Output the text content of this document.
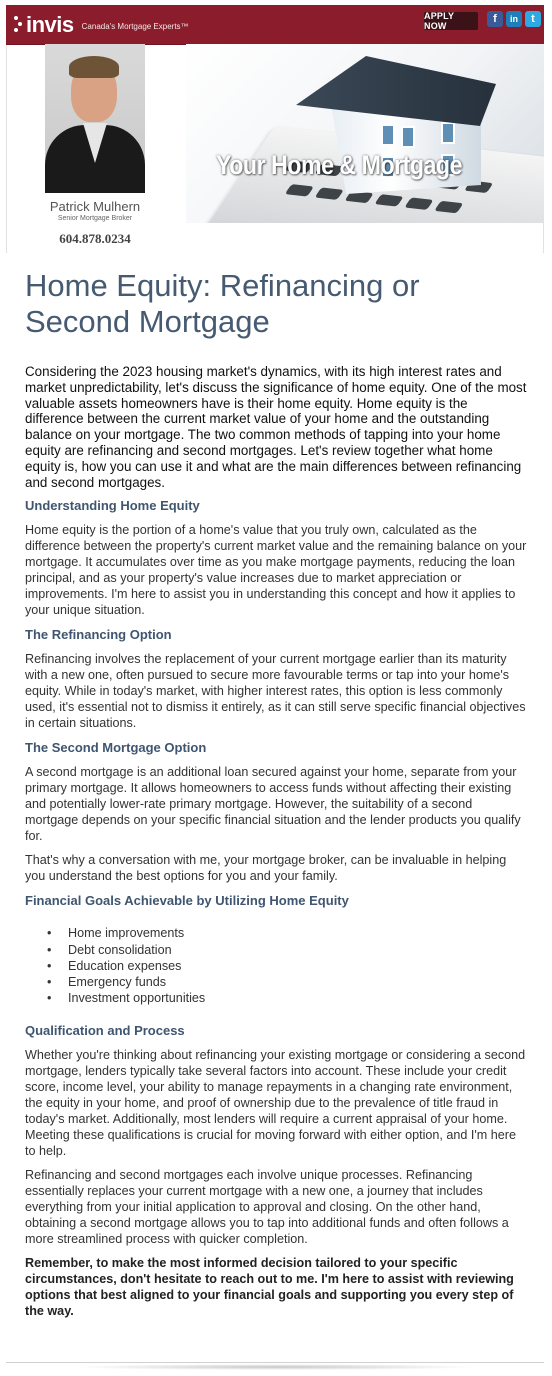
invis Canada's Mortgage Experts™
APPLY NOW
f	in	t
Patrick Mulhern
Senior Mortgage Broker
604.878.0234
Your Home & Mortgage
Home Equity: Refinancing or Second Mortgage

Considering the 2023 housing market's dynamics, with its high interest rates and market unpredictability, let's discuss the significance of home equity. One of the most valuable assets homeowners have is their home equity. Home equity is the difference between the current market value of your home and the outstanding balance on your mortgage. The two common methods of tapping into your home equity are refinancing and second mortgages. Let's review together what home equity is, how you can use it and what are the main differences between refinancing and second mortgages.

Understanding Home Equity

Home equity is the portion of a home's value that you truly own, calculated as the difference between the property's current market value and the remaining balance on your mortgage. It accumulates over time as you make mortgage payments, reducing the loan principal, and as your property's value increases due to market appreciation or improvements. I'm here to assist you in understanding this concept and how it applies to your unique situation.

The Refinancing Option

Refinancing involves the replacement of your current mortgage earlier than its maturity with a new one, often pursued to secure more favourable terms or tap into your home's equity. While in today's market, with higher interest rates, this option is less commonly used, it's essential not to dismiss it entirely, as it can still serve specific financial objectives in certain situations.

The Second Mortgage Option

A second mortgage is an additional loan secured against your home, separate from your primary mortgage. It allows homeowners to access funds without affecting their existing and potentially lower-rate primary mortgage. However, the suitability of a second mortgage depends on your specific financial situation and the lender products you qualify for.

That's why a conversation with me, your mortgage broker, can be invaluable in helping you understand the best options for you and your family.

Financial Goals Achievable by Utilizing Home Equity
• Home improvements
• Debt consolidation
• Education expenses
• Emergency funds
• Investment opportunities
Qualification and Process

Whether you're thinking about refinancing your existing mortgage or considering a second mortgage, lenders typically take several factors into account. These include your credit score, income level, your ability to manage repayments in a changing rate environment, the equity in your home, and proof of ownership due to the prevalence of title fraud in today's market. Additionally, most lenders will require a current appraisal of your home. Meeting these qualifications is crucial for moving forward with either option, and I'm here to help.

Refinancing and second mortgages each involve unique processes. Refinancing essentially replaces your current mortgage with a new one, a journey that includes everything from your initial application to approval and closing. On the other hand, obtaining a second mortgage allows you to tap into additional funds and often follows a more streamlined process with quicker completion.

Remember, to make the most informed decision tailored to your specific circumstances, don't hesitate to reach out to me. I'm here to assist with reviewing options that best aligned to your financial goals and supporting you every step of the way.
